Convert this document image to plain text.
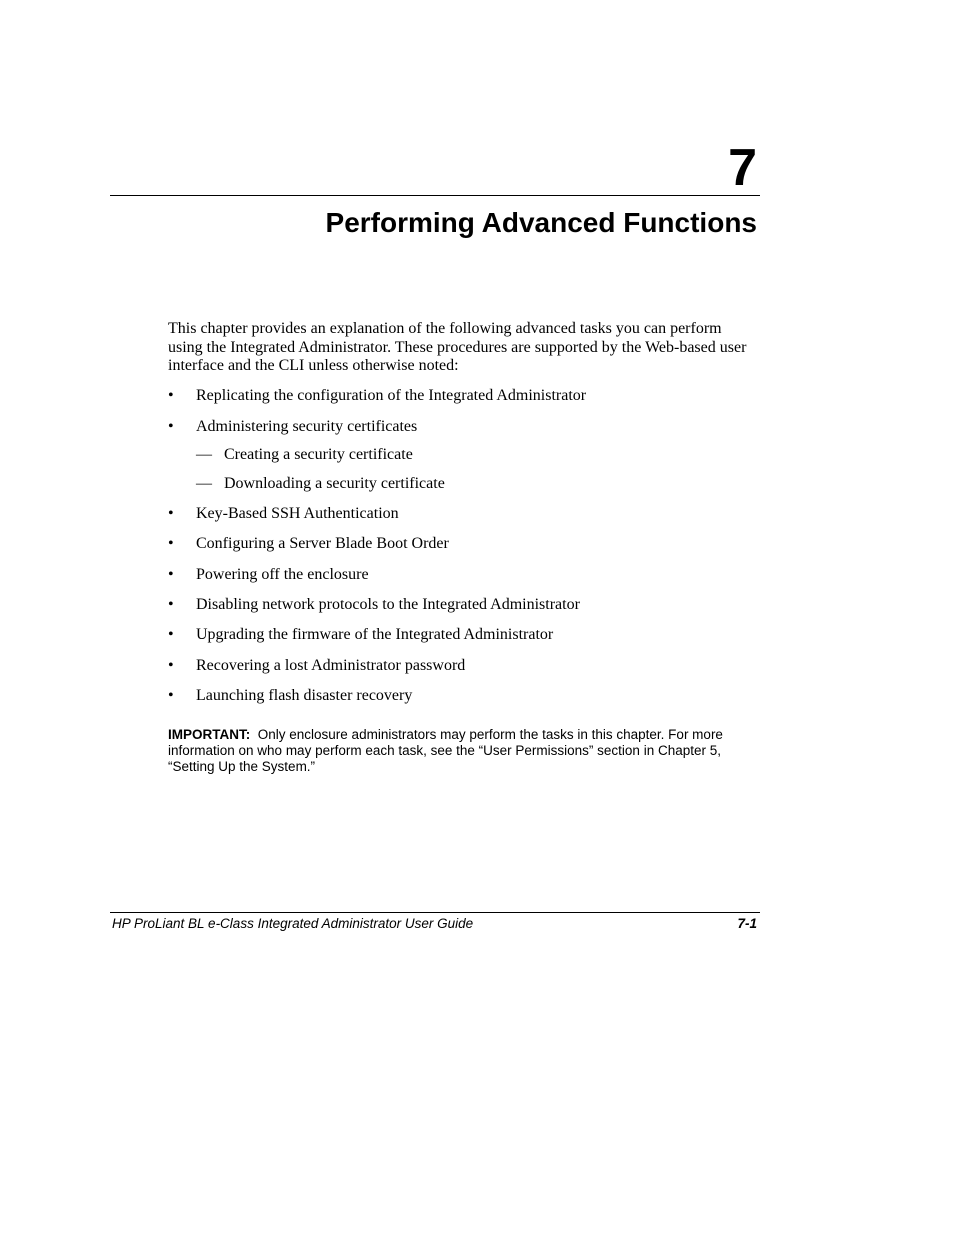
7
Performing Advanced Functions

This chapter provides an explanation of the following advanced tasks you can perform using the Integrated Administrator. These procedures are supported by the Web-based user interface and the CLI unless otherwise noted:

• Replicating the configuration of the Integrated Administrator
• Administering security certificates
— Creating a security certificate
— Downloading a security certificate
• Key-Based SSH Authentication
• Configuring a Server Blade Boot Order
• Powering off the enclosure
• Disabling network protocols to the Integrated Administrator
• Upgrading the firmware of the Integrated Administrator
• Recovering a lost Administrator password
• Launching flash disaster recovery

IMPORTANT: Only enclosure administrators may perform the tasks in this chapter. For more information on who may perform each task, see the “User Permissions” section in Chapter 5, “Setting Up the System.”

HP ProLiant BL e-Class Integrated Administrator User Guide	7-1
